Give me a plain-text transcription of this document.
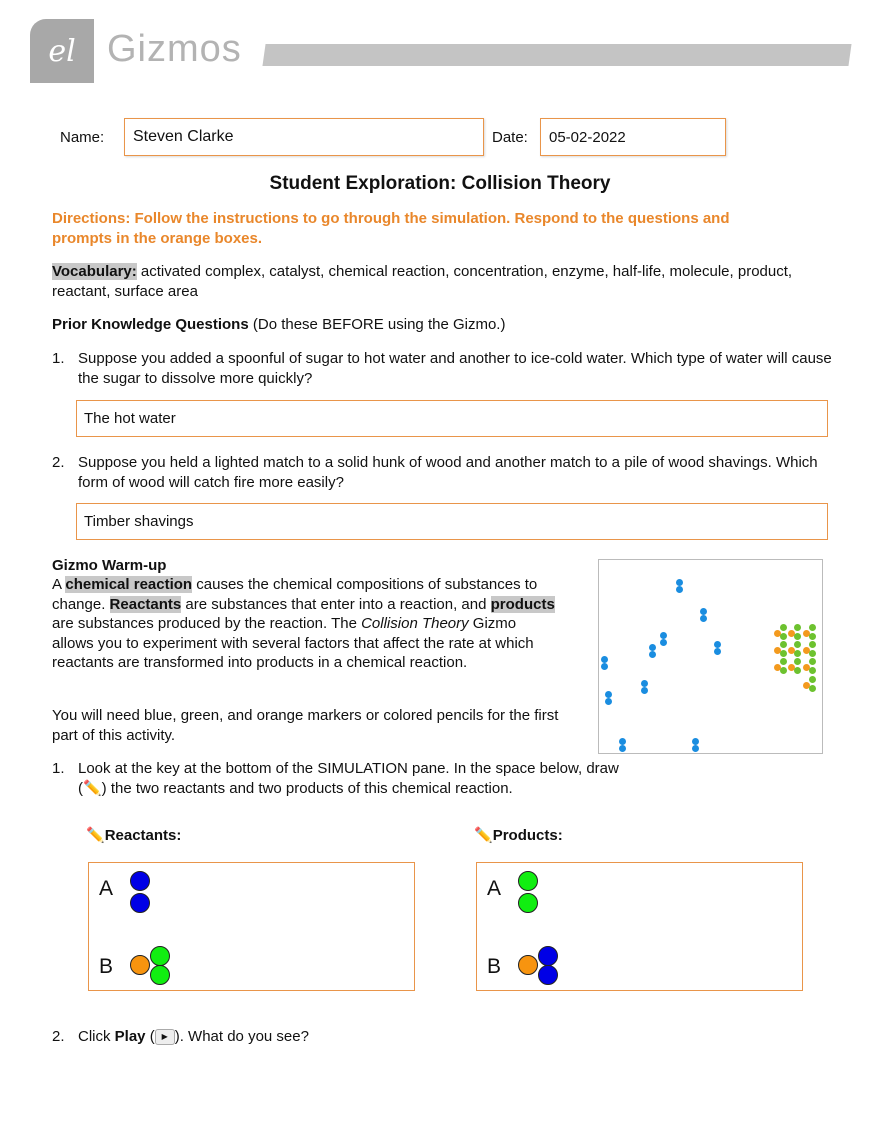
el Gizmos
Name:	Steven Clarke	Date:	05-02-2022
Student Exploration: Collision Theory

Directions: Follow the instructions to go through the simulation. Respond to the questions and prompts in the orange boxes.

Vocabulary: activated complex, catalyst, chemical reaction, concentration, enzyme, half-life, molecule, product, reactant, surface area

Prior Knowledge Questions (Do these BEFORE using the Gizmo.)

1. Suppose you added a spoonful of sugar to hot water and another to ice-cold water. Which type of water will cause the sugar to dissolve more quickly?

The hot water

2. Suppose you held a lighted match to a solid hunk of wood and another match to a pile of wood shavings. Which form of wood will catch fire more easily?

Timber shavings

Gizmo Warm-up

A chemical reaction causes the chemical compositions of substances to change. Reactants are substances that enter into a reaction, and products are substances produced by the reaction. The Collision Theory Gizmo allows you to experiment with several factors that affect the rate at which reactants are transformed into products in a chemical reaction.

You will need blue, green, and orange markers or colored pencils for the first part of this activity.

1. Look at the key at the bottom of the SIMULATION pane. In the space below, draw (✏️) the two reactants and two products of this chemical reaction.

✏️Reactants:	✏️Products:

A
B
A
B

2. Click Play ( ▶ ). What do you see?
